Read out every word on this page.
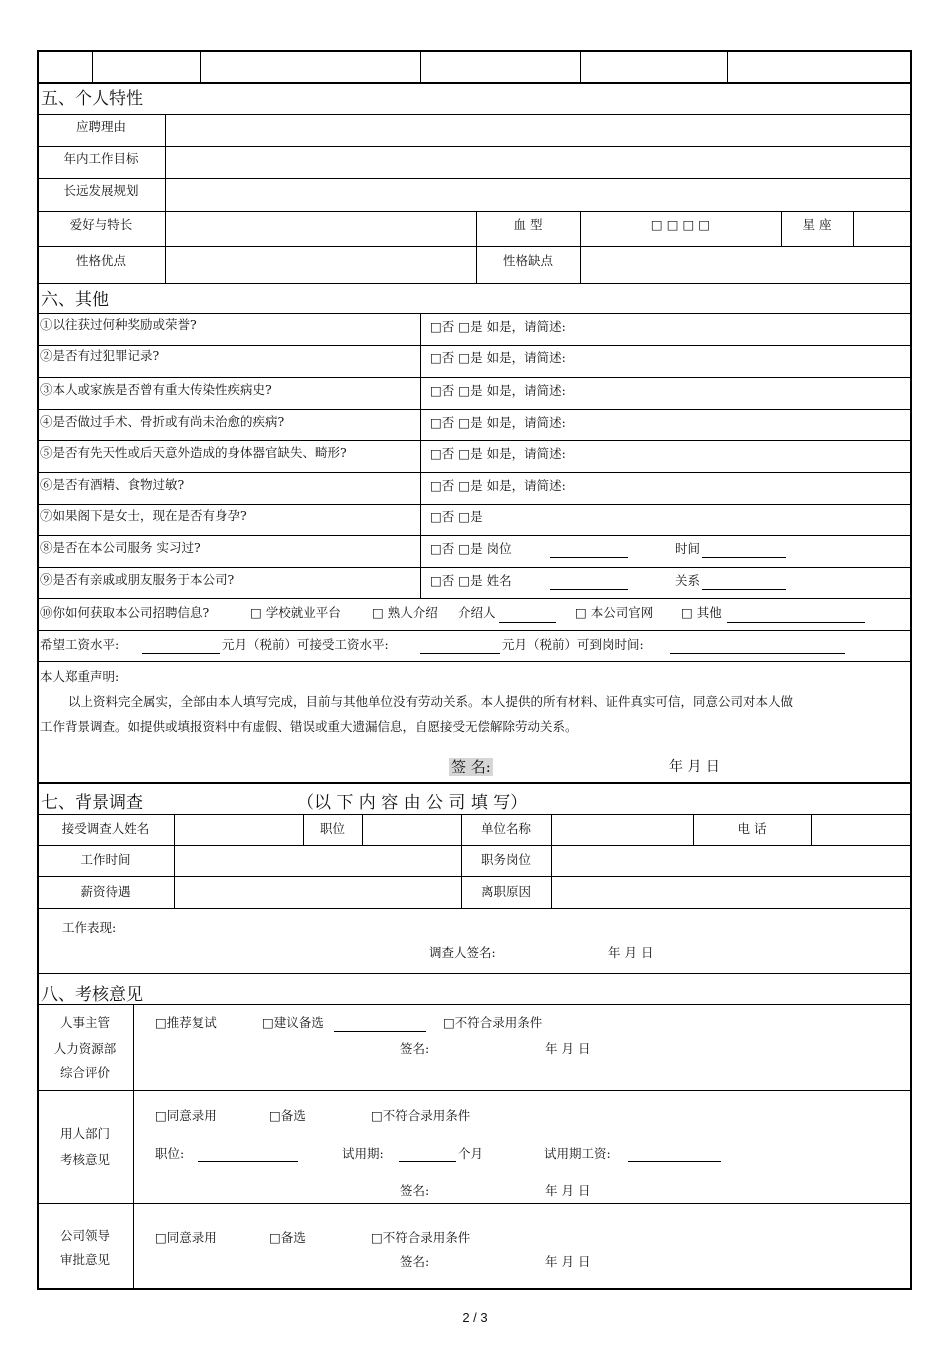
五、个人特性
应聘理由
年内工作目标
长远发展规划
爱好与特长	血 型	□ □ □ □	星 座
性格优点	性格缺点
六、其他
①以往获过何种奖励或荣誉?	□否 □是 如是，请简述:
②是否有过犯罪记录?	□否 □是 如是，请简述:
③本人或家族是否曾有重大传染性疾病史?	□否 □是 如是，请简述:
④是否做过手术、骨折或有尚未治愈的疾病?	□否 □是 如是，请简述:
⑤是否有先天性或后天意外造成的身体器官缺失、畸形?	□否 □是 如是，请简述:
⑥是否有酒精、食物过敏?	□否 □是 如是，请简述:
⑦如果阁下是女士，现在是否有身孕?	□否 □是
⑧是否在本公司服务 实习过?	□否 □是 岗位	时间
⑨是否有亲戚或朋友服务于本公司?	□否 □是 姓名	关系
⑩你如何获取本公司招聘信息?	□ 学校就业平台 □ 熟人介绍 介绍人	□ 本公司官网 □ 其他
希望工资水平:	元月（税前）可接受工资水平:	元月（税前）可到岗时间:
本人郑重声明:
以上资料完全属实，全部由本人填写完成，目前与其他单位没有劳动关系。本人提供的所有材料、证件真实可信，同意公司对本人做
工作背景调查。如提供或填报资料中有虚假、错误或重大遗漏信息，自愿接受无偿解除劳动关系。
签 名:	年 月 日
七、背景调查	（以 下 内 容 由 公 司 填 写）
接受调查人姓名	职位	单位名称	电 话
工作时间	职务岗位
薪资待遇	离职原因
工作表现:
调查人签名:	年 月 日
八、考核意见
人事主管
人力资源部
综合评价
□推荐复试	□建议备选	□不符合录用条件
签名:	年 月 日
用人部门
考核意见
□同意录用	□备选	□不符合录用条件
职位:	试用期:	个月	试用期工资:
签名:	年 月 日
公司领导
审批意见
□同意录用	□备选	□不符合录用条件
签名:	年 月 日
2 / 3
